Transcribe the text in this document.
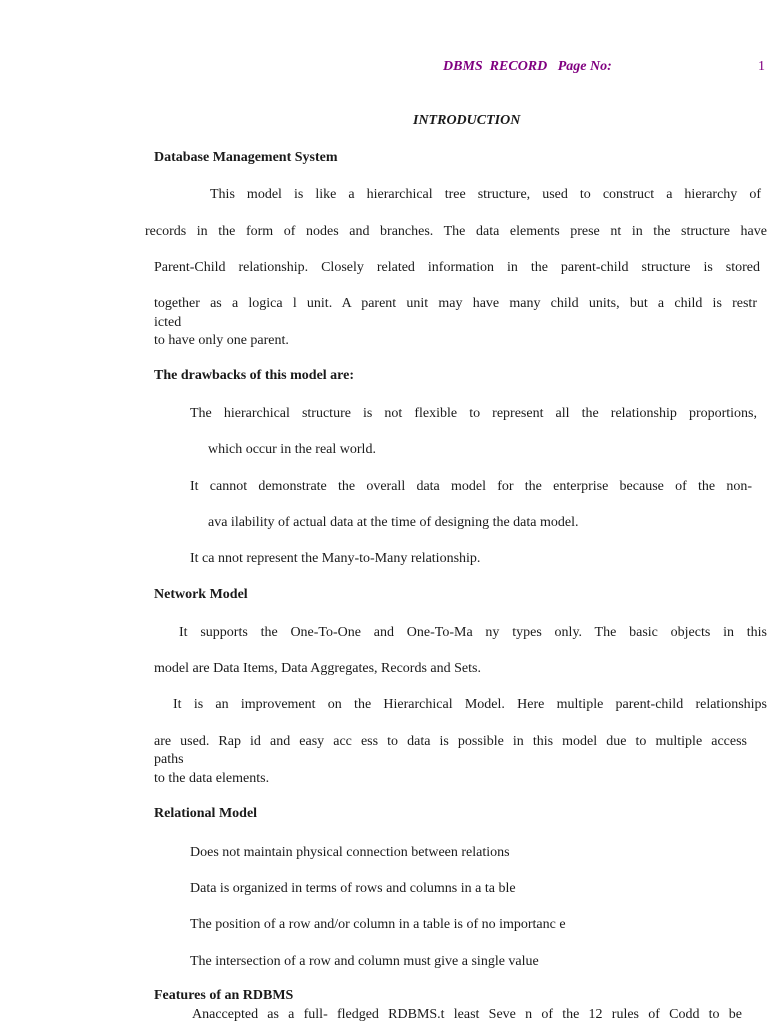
DBMS  RECORD   Page No:	1
INTRODUCTION
Database Management System
This model is like a hierarchical tree structure, used to construct a hierarchy of
records in the form of nodes and branches. The data elements prese nt in the structure have
Parent-Child relationship. Closely related information in the parent-child structure is stored
together as a logica l unit. A parent unit may have many child units, but a child is restr
icted
to have only one parent.
The drawbacks of this model are:
The hierarchical structure is not flexible to represent all the relationship proportions,
which occur in the real world.
It cannot demonstrate the overall data model for the enterprise because of the non-
ava ilability of actual data at the time of designing the data model.
It ca nnot represent the Many-to-Many relationship.
Network Model
It supports the One-To-One and One-To-Ma ny types only. The basic objects in this
model are Data Items, Data Aggregates, Records and Sets.
It is an improvement on the Hierarchical Model. Here multiple parent-child relationships
are used. Rap id and easy acc ess to data is possible in this model due to multiple access
paths
to the data elements.
Relational Model
Does not maintain physical connection between relations
Data is organized in terms of rows and columns in a ta ble
The position of a row and/or column in a table is of no importanc e
The intersection of a row and column must give a single value
Features of an RDBMS
Anaccepted as a full- fledged RDBMS.t least Seve n of the 12 rules of Codd to be
